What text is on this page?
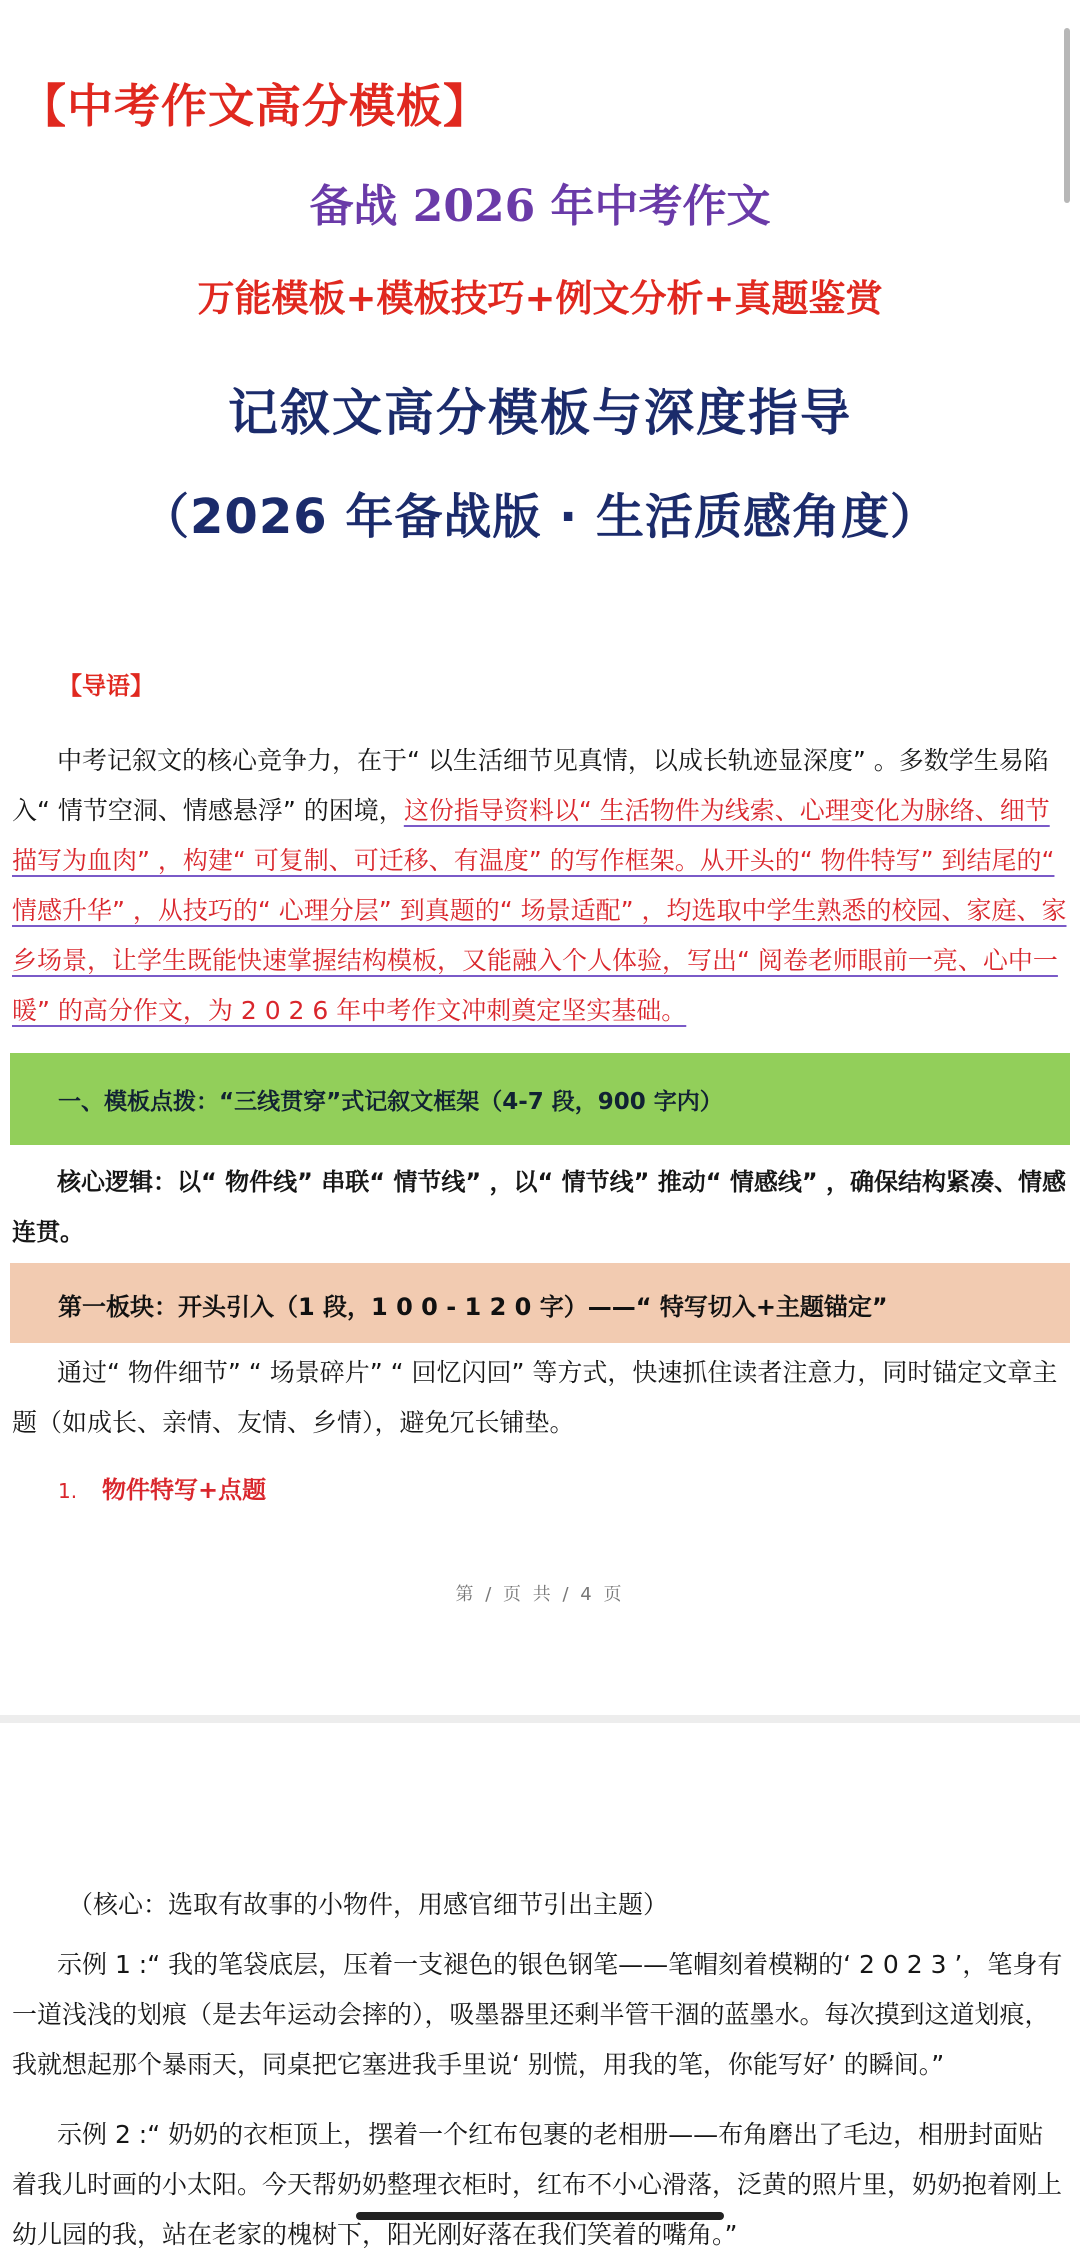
【中考作文高分模板】
备战 2026 年中考作文
万能模板+模板技巧+例文分析+真题鉴赏
记叙文高分模板与深度指导
（2026 年备战版 · 生活质感角度）
【导语】
中考记叙文的核心竞争力，在于“ 以生活细节见真情，以成长轨迹显深度” 。多数学生易陷入“ 情节空洞、情感悬浮” 的困境，这份指导资料以“ 生活物件为线索、心理变化为脉络、细节描写为血肉” ，构建“ 可复制、可迁移、有温度” 的写作框架。从开头的“ 物件特写” 到结尾的“ 情感升华” ，从技巧的“ 心理分层” 到真题的“ 场景适配” ，均选取中学生熟悉的校园、家庭、家乡场景，让学生既能快速掌握结构模板，又能融入个人体验，写出“ 阅卷老师眼前一亮、心中一暖” 的高分作文，为 2 0 2 6 年中考作文冲刺奠定坚实基础。
一、模板点拨：“三线贯穿”式记叙文框架（4-7 段，900 字内）
核心逻辑：以“ 物件线” 串联“ 情节线” ，以“ 情节线” 推动“ 情感线” ，确保结构紧凑、情感连贯。
第一板块：开头引入（1 段，1 0 0 - 1 2 0 字）——“ 特写切入+主题锚定”
通过“ 物件细节” “ 场景碎片” “ 回忆闪回” 等方式，快速抓住读者注意力，同时锚定文章主题（如成长、亲情、友情、乡情），避免冗长铺垫。
1. 物件特写+点题
第 / 页 共 / 4 页
（核心：选取有故事的小物件，用感官细节引出主题）
示例 1 :“ 我的笔袋底层，压着一支褪色的银色钢笔——笔帽刻着模糊的‘ 2 0 2 3 ’，笔身有一道浅浅的划痕（是去年运动会摔的），吸墨器里还剩半管干涸的蓝墨水。每次摸到这道划痕，我就想起那个暴雨天，同桌把它塞进我手里说‘ 别慌，用我的笔，你能写好’ 的瞬间。”
示例 2 :“ 奶奶的衣柜顶上，摆着一个红布包裹的老相册——布角磨出了毛边，相册封面贴着我儿时画的小太阳。今天帮奶奶整理衣柜时，红布不小心滑落，泛黄的照片里，奶奶抱着刚上幼儿园的我，站在老家的槐树下，阳光刚好落在我们笑着的嘴角。”
